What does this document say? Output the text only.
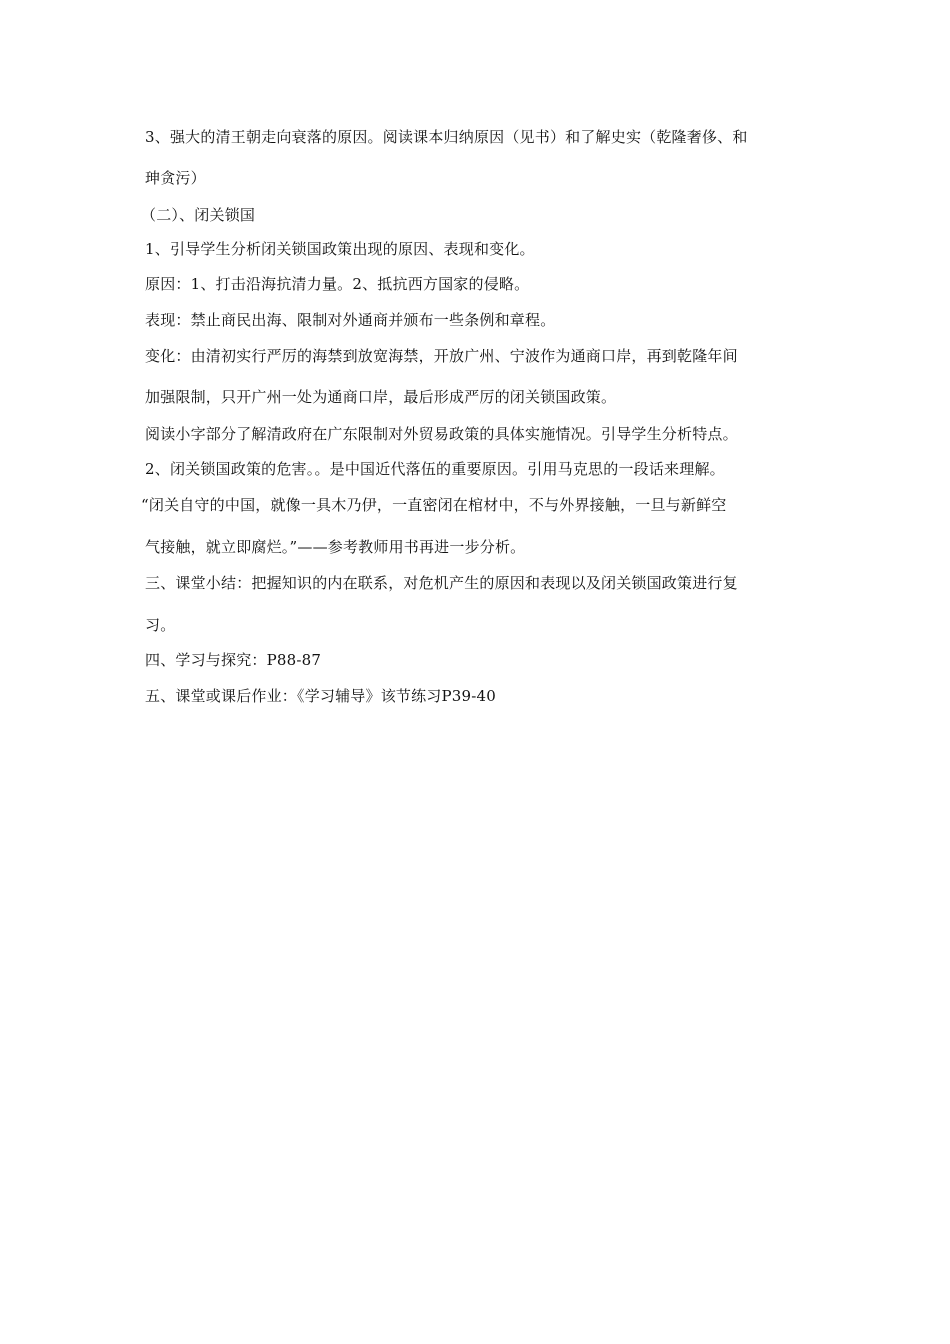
3、强大的清王朝走向衰落的原因。阅读课本归纳原因（见书）和了解史实（乾隆奢侈、和
珅贪污）
（二）、闭关锁国
1、引导学生分析闭关锁国政策出现的原因、表现和变化。
原因：1、打击沿海抗清力量。2、抵抗西方国家的侵略。
表现：禁止商民出海、限制对外通商并颁布一些条例和章程。
变化：由清初实行严厉的海禁到放宽海禁，开放广州、宁波作为通商口岸，再到乾隆年间
加强限制，只开广州一处为通商口岸，最后形成严厉的闭关锁国政策。
阅读小字部分了解清政府在广东限制对外贸易政策的具体实施情况。引导学生分析特点。
2、闭关锁国政策的危害。。是中国近代落伍的重要原因。引用马克思的一段话来理解。
“闭关自守的中国，就像一具木乃伊，一直密闭在棺材中，不与外界接触，一旦与新鲜空
气接触，就立即腐烂。”——参考教师用书再进一步分析。
三、课堂小结：把握知识的内在联系，对危机产生的原因和表现以及闭关锁国政策进行复
习。
四、学习与探究：P88-87
五、课堂或课后作业：《学习辅导》该节练习P39-40
